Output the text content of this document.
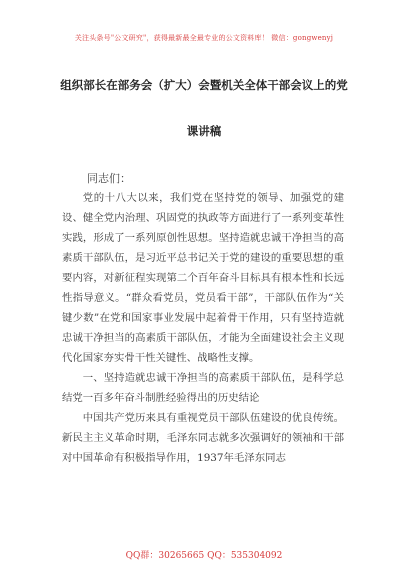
关注头条号"公文研究"，获得最新最全最专业的公文资料库！ 微信：gongwenyj
组织部长在部务会（扩大）会暨机关全体干部会议上的党
课讲稿
同志们：

党的十八大以来，我们党在坚持党的领导、加强党的建设、健全党内治理、巩固党的执政等方面进行了一系列变革性实践，形成了一系列原创性思想。坚持造就忠诚干净担当的高素质干部队伍，是习近平总书记关于党的建设的重要思想的重要内容，对新征程实现第二个百年奋斗目标具有根本性和长远性指导意义。“群众看党员，党员看干部”，干部队伍作为“关键少数”在党和国家事业发展中起着骨干作用，只有坚持造就忠诚干净担当的高素质干部队伍，才能为全面建设社会主义现代化国家夯实骨干性关键性、战略性支撑。

一、坚持造就忠诚干净担当的高素质干部队伍，是科学总结党一百多年奋斗制胜经验得出的历史结论

中国共产党历来具有重视党员干部队伍建设的优良传统。新民主主义革命时期，毛泽东同志就多次强调好的领袖和干部对中国革命有积极指导作用，1937年毛泽东同志

QQ群：30265665 QQ：535304092
